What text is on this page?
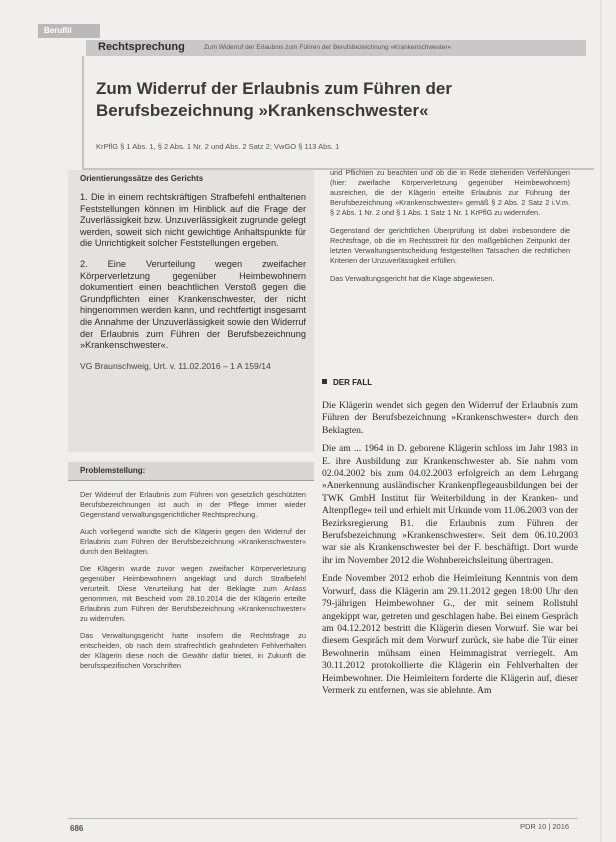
Beruflil
Rechtsprechung	Zum Widerruf der Erlaubnis zum Führen der Berufsbezeichnung »Krankenschwester«
Zum Widerruf der Erlaubnis zum Führen der Berufsbezeichnung »Krankenschwester«
KrPflG § 1 Abs. 1, § 2 Abs. 1 Nr. 2 und Abs. 2 Satz 2; VwGO § 113 Abs. 1
Orientierungssätze des Gerichts

1. Die in einem rechtskräftigen Strafbefehl enthaltenen Feststellungen können im Hinblick auf die Frage der Zuverlässigkeit bzw. Unzuverlässigkeit zugrunde gelegt werden, soweit sich nicht gewichtige Anhaltspunkte für die Unrichtigkeit solcher Feststellungen ergeben.

2. Eine Verurteilung wegen zweifacher Körperverletzung gegenüber Heimbewohnern dokumentiert einen beachtlichen Verstoß gegen die Grundpflichten einer Krankenschwester, der nicht hingenommen werden kann, und rechtfertigt insgesamt die Annahme der Unzuverlässigkeit sowie den Widerruf der Erlaubnis zum Führen der Berufsbezeichnung »Krankenschwester«.

VG Braunschweig, Urt. v. 11.02.2016 – 1 A 159/14

Problemstellung:

Der Widerruf der Erlaubnis zum Führen von gesetzlich geschützten Berufsbezeichnungen ist auch in der Pflege immer wieder Gegenstand verwaltungsgerichtlicher Rechtsprechung.

Auch vorliegend wandte sich die Klägerin gegen den Widerruf der Erlaubnis zum Führen der Berufsbezeichnung »Krankenschwester« durch den Beklagten.

Die Klägerin wurde zuvor wegen zweifacher Körperverletzung gegenüber Heimbewohnern angeklagt und durch Strafbefehl verurteilt. Diese Verurteilung hat der Beklagte zum Anlass genommen, mit Bescheid vom 28.10.2014 die der Klägerin erteilte Erlaubnis zum Führen der Berufsbezeichnung »Krankenschwester« zu widerrufen.

Das Verwaltungsgericht hatte insofern die Rechtsfrage zu entscheiden, ob nach dem strafrechtlich geahndeten Fehlverhalten der Klägerin diese noch die Gewähr dafür bietet, in Zukunft die berufsspezifischen Vorschriften

und Pflichten zu beachten und ob die in Rede stehenden Verfehlungen (hier: zweifache Körperverletzung gegenüber Heimbewohnern) ausreichen, die der Klägerin erteilte Erlaubnis zur Führung der Berufsbezeichnung »Krankenschwester« gemäß § 2 Abs. 2 Satz 2 i.V.m. § 2 Abs. 1 Nr. 2 und § 1 Abs. 1 Satz 1 Nr. 1 KrPflG zu widerrufen.

Gegenstand der gerichtlichen Überprüfung ist dabei insbesondere die Rechtsfrage, ob die im Rechtsstreit für den maßgeblichen Zeitpunkt der letzten Verwaltungsentscheidung festgestellten Tatsachen die rechtlichen Kriterien der Unzuverlässigkeit erfüllen.

Das Verwaltungsgericht hat die Klage abgewiesen.

DER FALL

Die Klägerin wendet sich gegen den Widerruf der Erlaubnis zum Führen der Berufsbezeichnung »Krankenschwester« durch den Beklagten.

Die am ... 1964 in D. geborene Klägerin schloss im Jahr 1983 in E. ihre Ausbildung zur Krankenschwester ab. Sie nahm vom 02.04.2002 bis zum 04.02.2003 erfolgreich an dem Lehrgang »Anerkennung ausländischer Krankenpflegeausbildungen bei der TWK GmbH Institut für Weiterbildung in der Kranken- und Altenpflege« teil und erhielt mit Urkunde vom 11.06.2003 von der Bezirksregierung B1. die Erlaubnis zum Führen der Berufsbezeichnung »Krankenschwester«. Seit dem 06.10.2003 war sie als Krankenschwester bei der F. beschäftigt. Dort wurde ihr im November 2012 die Wohnbereichsleitung übertragen.

Ende November 2012 erhob die Heimleitung Kenntnis von dem Vorwurf, dass die Klägerin am 29.11.2012 gegen 18:00 Uhr den 79-jährigen Heimbewohner G., der mit seinem Rollstuhl angekippt war, getreten und geschlagen habe. Bei einem Gespräch am 04.12.2012 bestritt die Klägerin diesen Vorwurf. Sie war bei diesem Gespräch mit dem Vorwurf zurück, sie habe die Tür einer Bewohnerin mühsam einen Heimmagistrat verriegelt. Am 30.11.2012 protokollierte die Klägerin ein Fehlverhalten der Heimbewohner. Die Heimleitern forderte die Klägerin auf, dieser Vermerk zu entfernen, was sie ablehnte. Am

686	PDR 10 | 2016
